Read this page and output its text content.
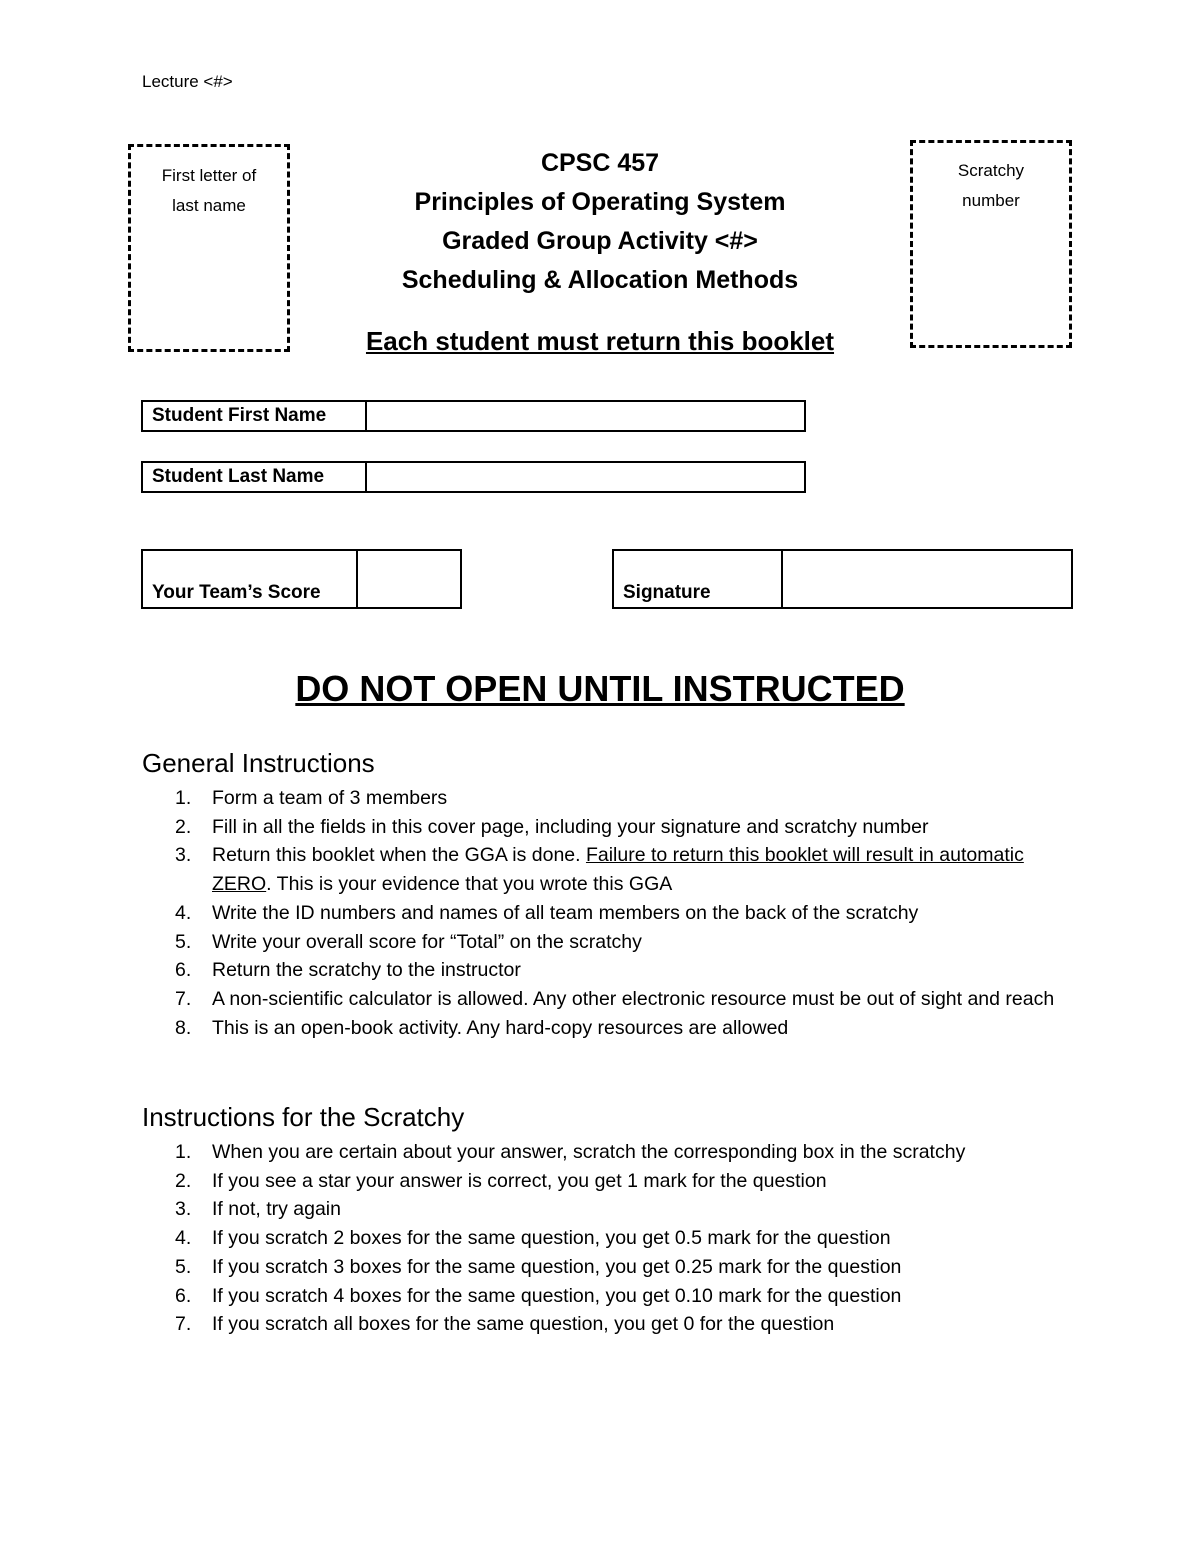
Lecture <#>
First letter of
last name
Scratchy
number
CPSC 457
Principles of Operating System
Graded Group Activity <#>
Scheduling & Allocation Methods
Each student must return this booklet
Student First Name
Student Last Name
Your Team’s Score	Signature
DO NOT OPEN UNTIL INSTRUCTED
General Instructions
1. Form a team of 3 members
2. Fill in all the fields in this cover page, including your signature and scratchy number
3. Return this booklet when the GGA is done. Failure to return this booklet will result in automatic ZERO. This is your evidence that you wrote this GGA
4. Write the ID numbers and names of all team members on the back of the scratchy
5. Write your overall score for “Total” on the scratchy
6. Return the scratchy to the instructor
7. A non-scientific calculator is allowed. Any other electronic resource must be out of sight and reach
8. This is an open-book activity. Any hard-copy resources are allowed
Instructions for the Scratchy
1. When you are certain about your answer, scratch the corresponding box in the scratchy
2. If you see a star your answer is correct, you get 1 mark for the question
3. If not, try again
4. If you scratch 2 boxes for the same question, you get 0.5 mark for the question
5. If you scratch 3 boxes for the same question, you get 0.25 mark for the question
6. If you scratch 4 boxes for the same question, you get 0.10 mark for the question
7. If you scratch all boxes for the same question, you get 0 for the question
